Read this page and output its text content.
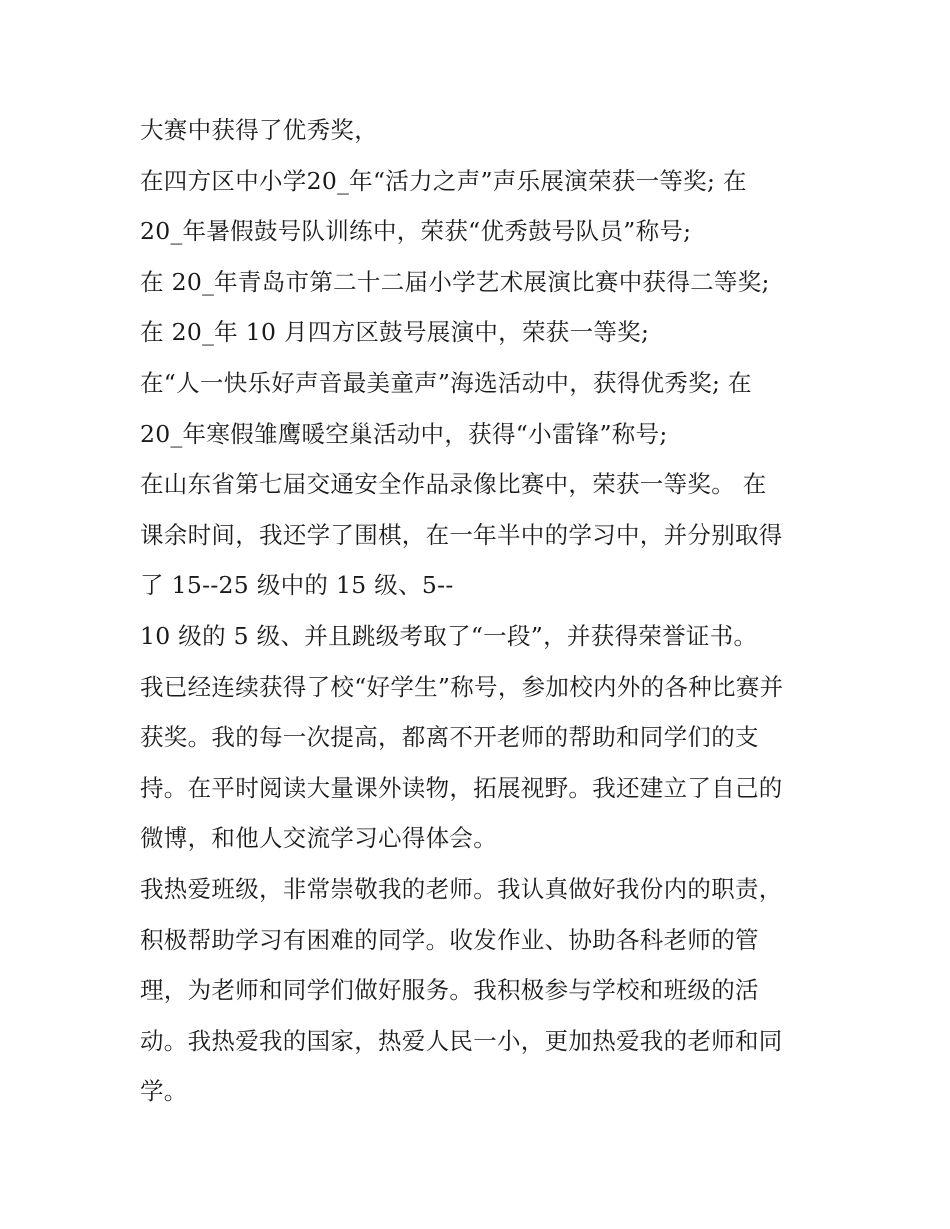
大赛中获得了优秀奖，
在四方区中小学20_年“活力之声”声乐展演荣获一等奖; 在
20_年暑假鼓号队训练中，荣获“优秀鼓号队员”称号;
在 20_年青岛市第二十二届小学艺术展演比赛中获得二等奖;
在 20_年 10 月四方区鼓号展演中，荣获一等奖;
在“人一快乐好声音最美童声”海选活动中，获得优秀奖; 在
20_年寒假雏鹰暖空巢活动中，获得“小雷锋”称号;
在山东省第七届交通安全作品录像比赛中，荣获一等奖。 在
课余时间，我还学了围棋，在一年半中的学习中，并分别取得
了 15--25 级中的 15 级、5--
10 级的 5 级、并且跳级考取了“一段”，并获得荣誉证书。
我已经连续获得了校“好学生”称号，参加校内外的各种比赛并
获奖。我的每一次提高，都离不开老师的帮助和同学们的支
持。在平时阅读大量课外读物，拓展视野。我还建立了自己的
微博，和他人交流学习心得体会。
我热爱班级，非常崇敬我的老师。我认真做好我份内的职责，
积极帮助学习有困难的同学。收发作业、协助各科老师的管
理，为老师和同学们做好服务。我积极参与学校和班级的活
动。我热爱我的国家，热爱人民一小，更加热爱我的老师和同
学。
